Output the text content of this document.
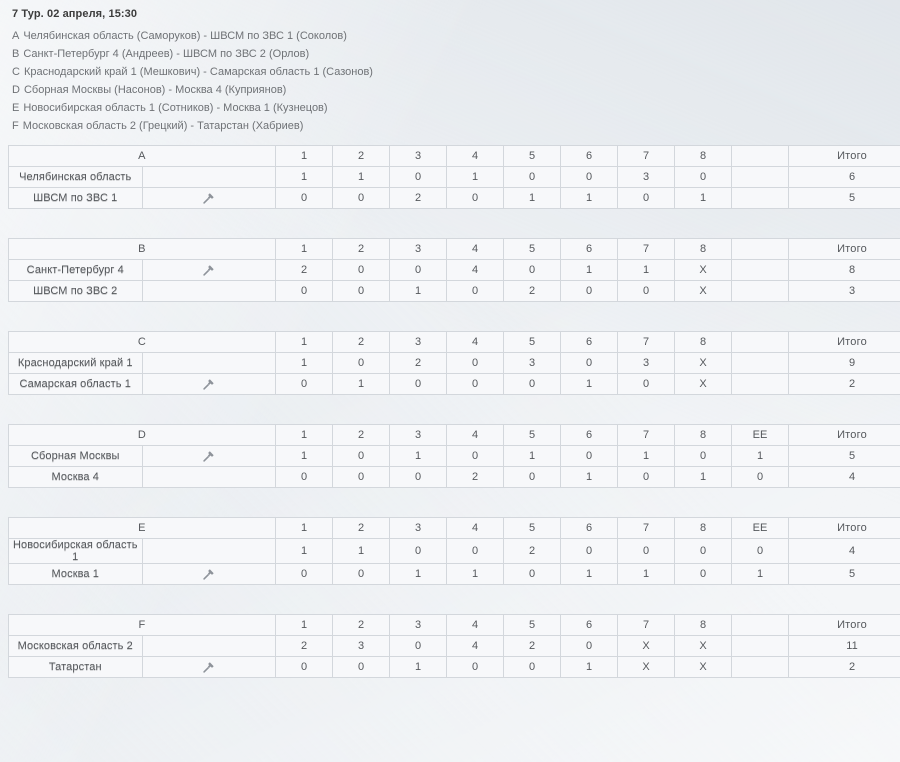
7 Тур. 02 апреля, 15:30
A Челябинская область (Саморуков) - ШВСМ по ЗВС 1 (Соколов)
B Санкт-Петербург 4 (Андреев) - ШВСМ по ЗВС 2 (Орлов)
C Краснодарский край 1 (Мешкович) - Самарская область 1 (Сазонов)
D Сборная Москвы (Насонов) - Москва 4 (Куприянов)
E Новосибирская область 1 (Сотников) - Москва 1 (Кузнецов)
F Московская область 2 (Грецкий) - Татарстан (Хабриев)
A		1	2	3	4	5	6	7	8		Итого
Челябинская область		1	1	0	1	0	0	3	0		6
ШВСМ по ЗВС 1		0	0	2	0	1	1	0	1		5
B		1	2	3	4	5	6	7	8		Итого
Санкт-Петербург 4		2	0	0	4	0	1	1	X		8
ШВСМ по ЗВС 2		0	0	1	0	2	0	0	X		3
C		1	2	3	4	5	6	7	8		Итого
Краснодарский край 1		1	0	2	0	3	0	3	X		9
Самарская область 1		0	1	0	0	0	1	0	X		2
D		1	2	3	4	5	6	7	8	EE	Итого
Сборная Москвы		1	0	1	0	1	0	1	0	1	5
Москва 4		0	0	0	2	0	1	0	1	0	4
E		1	2	3	4	5	6	7	8	EE	Итого
Новосибирская область 1		1	1	0	0	2	0	0	0	0	4
Москва 1		0	0	1	1	0	1	1	0	1	5
F		1	2	3	4	5	6	7	8		Итого
Московская область 2		2	3	0	4	2	0	X	X		11
Татарстан		0	0	1	0	0	1	X	X		2
